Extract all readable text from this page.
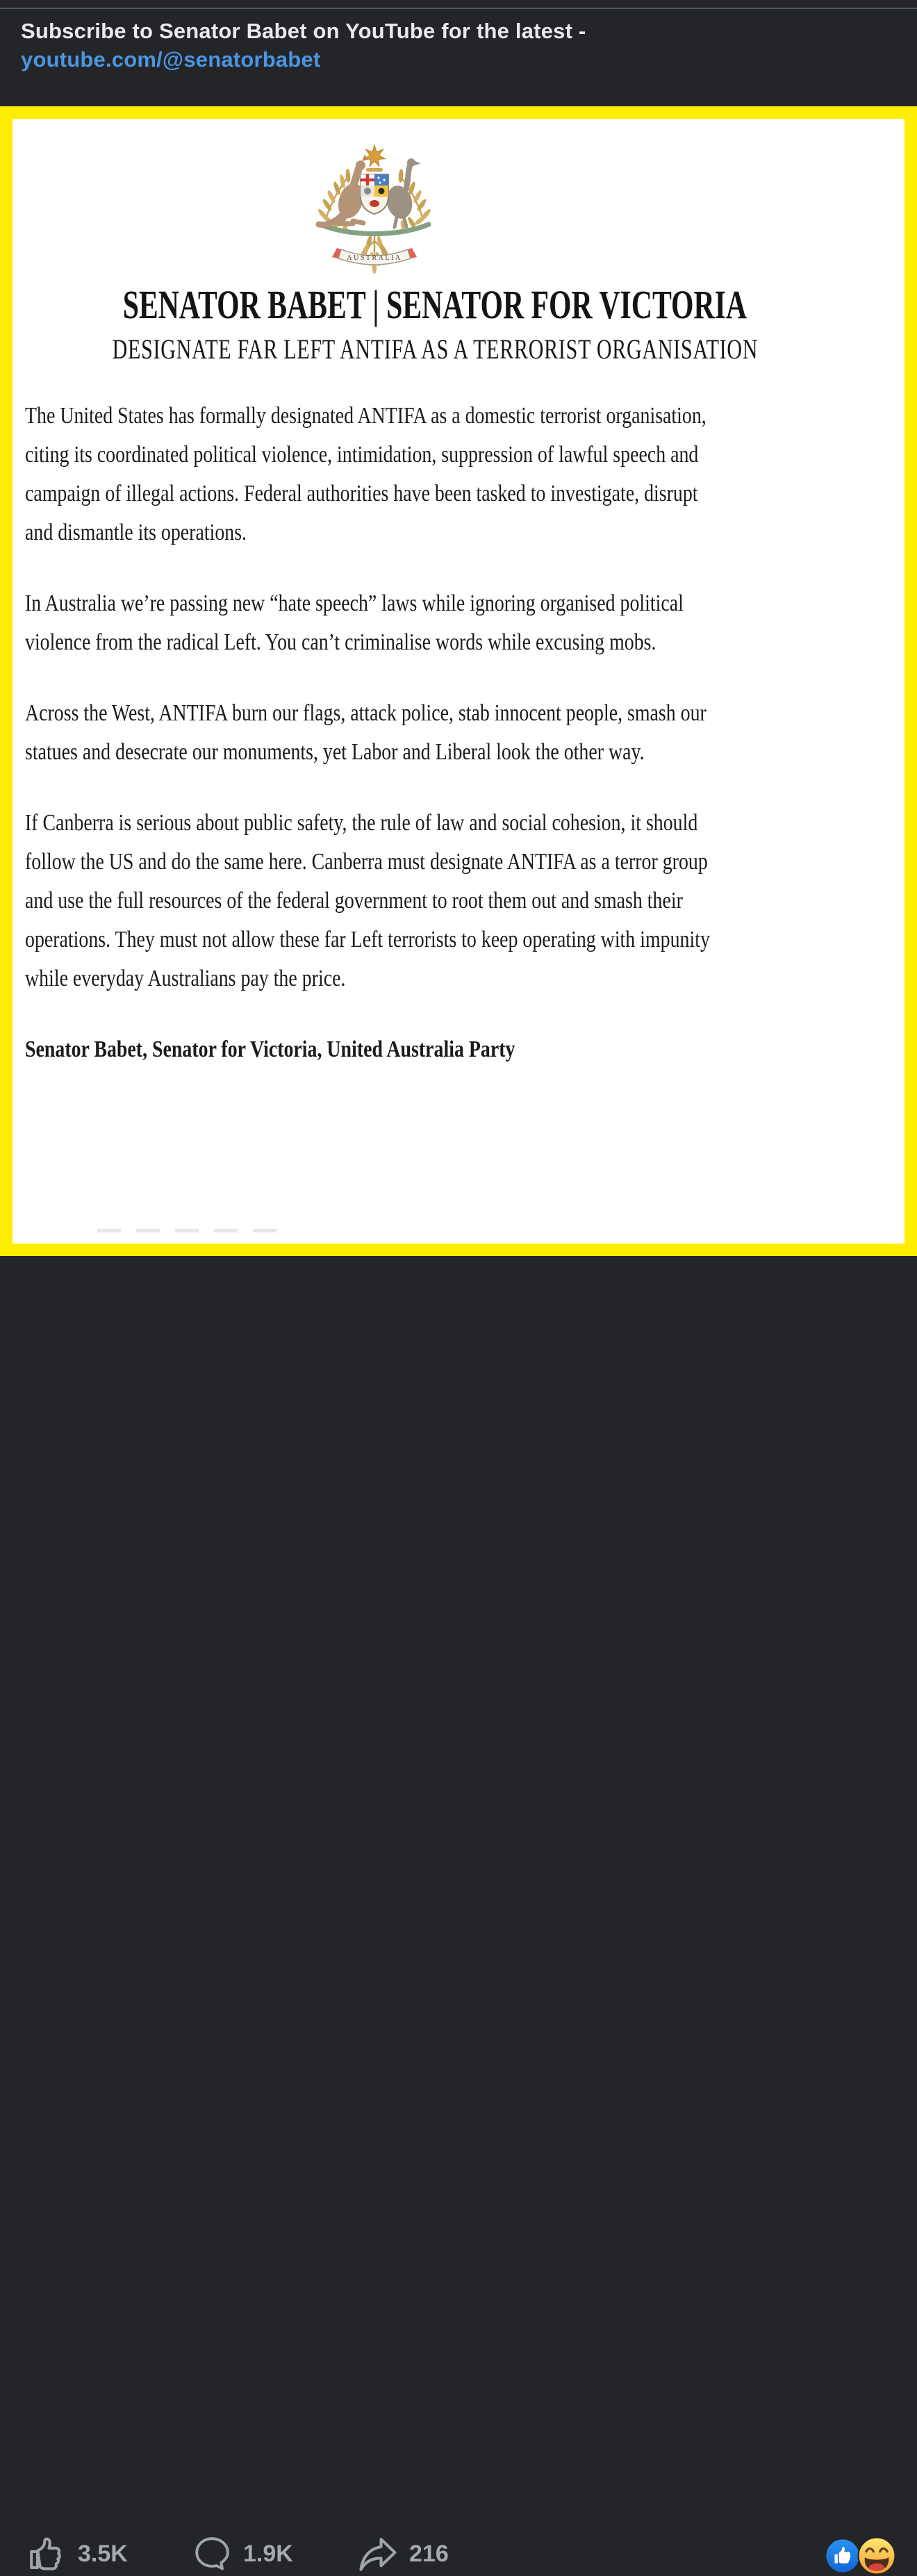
Subscribe to Senator Babet on YouTube for the latest -
youtube.com/@senatorbabet
AUSTRALIA
SENATOR BABET | SENATOR FOR VICTORIA
DESIGNATE FAR LEFT ANTIFA AS A TERRORIST ORGANISATION

The United States has formally designated ANTIFA as a domestic terrorist organisation, citing its coordinated political violence, intimidation, suppression of lawful speech and campaign of illegal actions. Federal authorities have been tasked to investigate, disrupt and dismantle its operations.

In Australia we’re passing new “hate speech” laws while ignoring organised political violence from the radical Left. You can’t criminalise words while excusing mobs.

Across the West, ANTIFA burn our flags, attack police, stab innocent people, smash our statues and desecrate our monuments, yet Labor and Liberal look the other way.

If Canberra is serious about public safety, the rule of law and social cohesion, it should follow the US and do the same here. Canberra must designate ANTIFA as a terror group and use the full resources of the federal government to root them out and smash their operations. They must not allow these far Left terrorists to keep operating with impunity while everyday Australians pay the price.

Senator Babet, Senator for Victoria, United Australia Party

3.5K	1.9K	216
